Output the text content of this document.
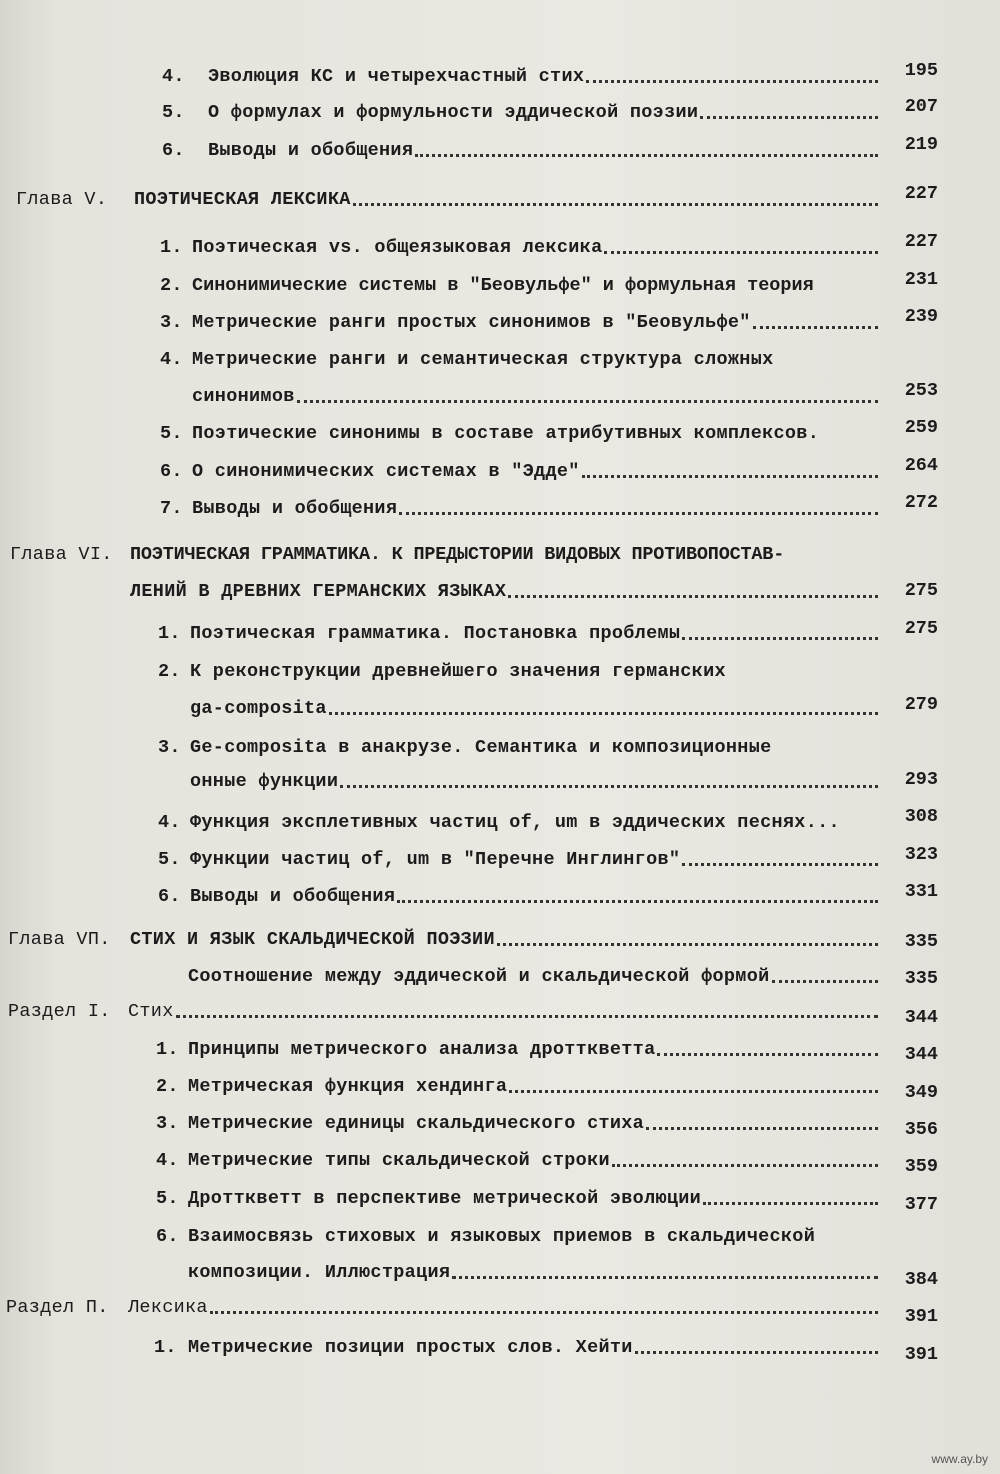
4.	Эволюция КС и четырехчастный стих	195
5.	О формулах и формульности эддической поэзии	207
6.	Выводы и обобщения	219
Глава V.	ПОЭТИЧЕСКАЯ ЛЕКСИКА	227
1. Поэтическая vs. общеязыковая лексика	227
2. Синонимические системы в "Беовульфе" и формульная теория	231
3. Метрические ранги простых синонимов в "Беовульфе"	239
4. Метрические ранги и семантическая структура сложных
синонимов	253
5. Поэтические синонимы в составе атрибутивных комплексов.	259
6. О синонимических системах в "Эдде"	264
7. Выводы и обобщения	272
Глава VI. ПОЭТИЧЕСКАЯ ГРАММАТИКА. К ПРЕДЫСТОРИИ ВИДОВЫХ ПРОТИВОПОСТАВ-
ЛЕНИЙ В ДРЕВНИХ ГЕРМАНСКИХ ЯЗЫКАХ	275
1. Поэтическая грамматика. Постановка проблемы	275
2. К реконструкции древнейшего значения германских
ga-composita	279
3. Ge-composita в анакрузе. Семантика и композиционные
онные функции	293
4. Функция эксплетивных частиц of, um в эддических песнях...	308
5. Функции частиц of, um в "Перечне Инглингов"	323
6. Выводы и обобщения	331
Глава VП.	СТИХ И ЯЗЫК СКАЛЬДИЧЕСКОЙ ПОЭЗИИ	335
Соотношение между эддической и скальдической формой	335
Раздел I. Стих	344
1. Принципы метрического анализа дротткветта	344
2. Метрическая функция хендинга	349
3. Метрические единицы скальдического стиха	356
4. Метрические типы скальдической строки	359
5. Дротткветт в перспективе метрической эволюции	377
6. Взаимосвязь стиховых и языковых приемов в скальдической
композиции. Иллюстрация	384
Раздел П.	Лексика	391
1. Метрические позиции простых слов. Хейти	391
www.ay.by
